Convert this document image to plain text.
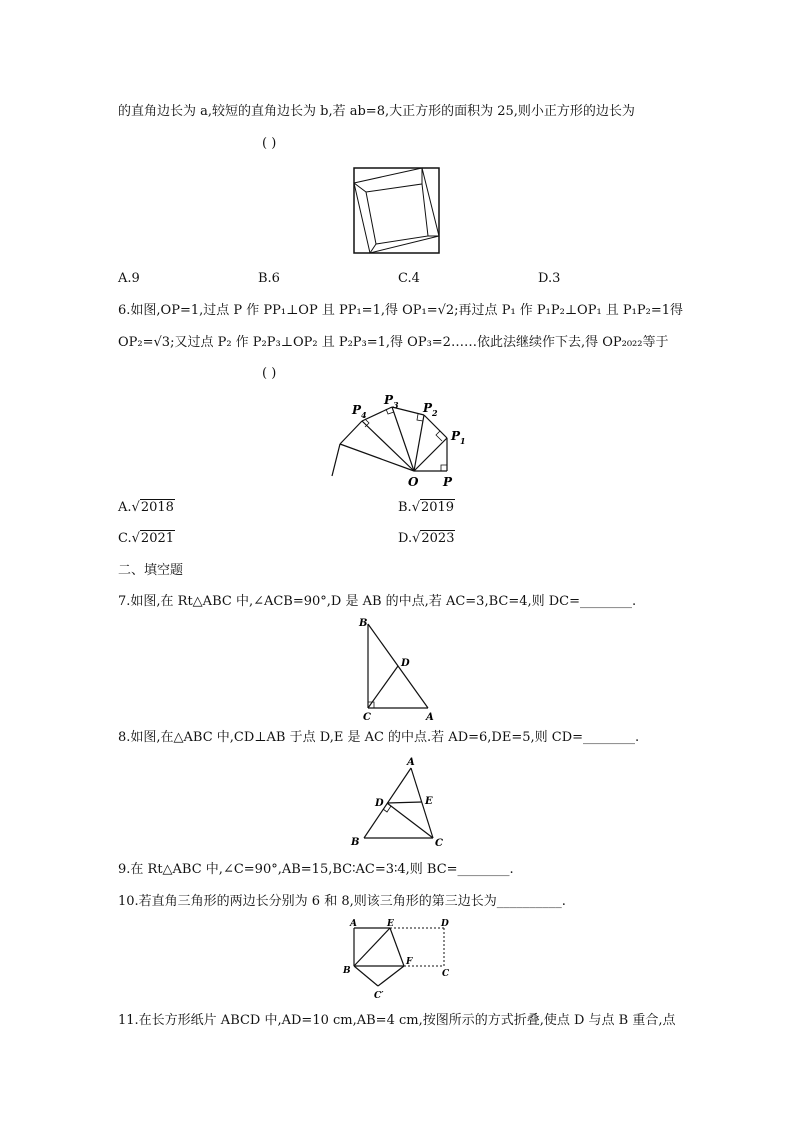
的直角边长为 a,较短的直角边长为 b,若 ab=8,大正方形的面积为 25,则小正方形的边长为
( )
A.9	B.6	C.4	D.3
6.如图,OP=1,过点 P 作 PP₁⊥OP 且 PP₁=1,得 OP₁=√2;再过点 P₁ 作 P₁P₂⊥OP₁ 且 P₁P₂=1得
OP₂=√3;又过点 P₂ 作 P₂P₃⊥OP₂ 且 P₂P₃=1,得 OP₃=2……依此法继续作下去,得 OP₂₀₂₂等于
( )
P 4
P 3 P 2
P 1
O P
A.√2018	B.√2019
C.√2021	D.√2023
二、填空题
7.如图,在 Rt△ABC 中,∠ACB=90°,D 是 AB 的中点,若 AC=3,BC=4,则 DC=________.
B
D
C	A
8.如图,在△ABC 中,CD⊥AB 于点 D,E 是 AC 的中点.若 AD=6,DE=5,则 CD=________.
A
D	E
B	C
9.在 Rt△ABC 中,∠C=90°,AB=15,BC∶AC=3∶4,则 BC=________.
10.若直角三角形的两边长分别为 6 和 8,则该三角形的第三边长为__________.
A	E	D
B
F
C
C′
11.在长方形纸片 ABCD 中,AD=10 cm,AB=4 cm,按图所示的方式折叠,使点 D 与点 B 重合,点
